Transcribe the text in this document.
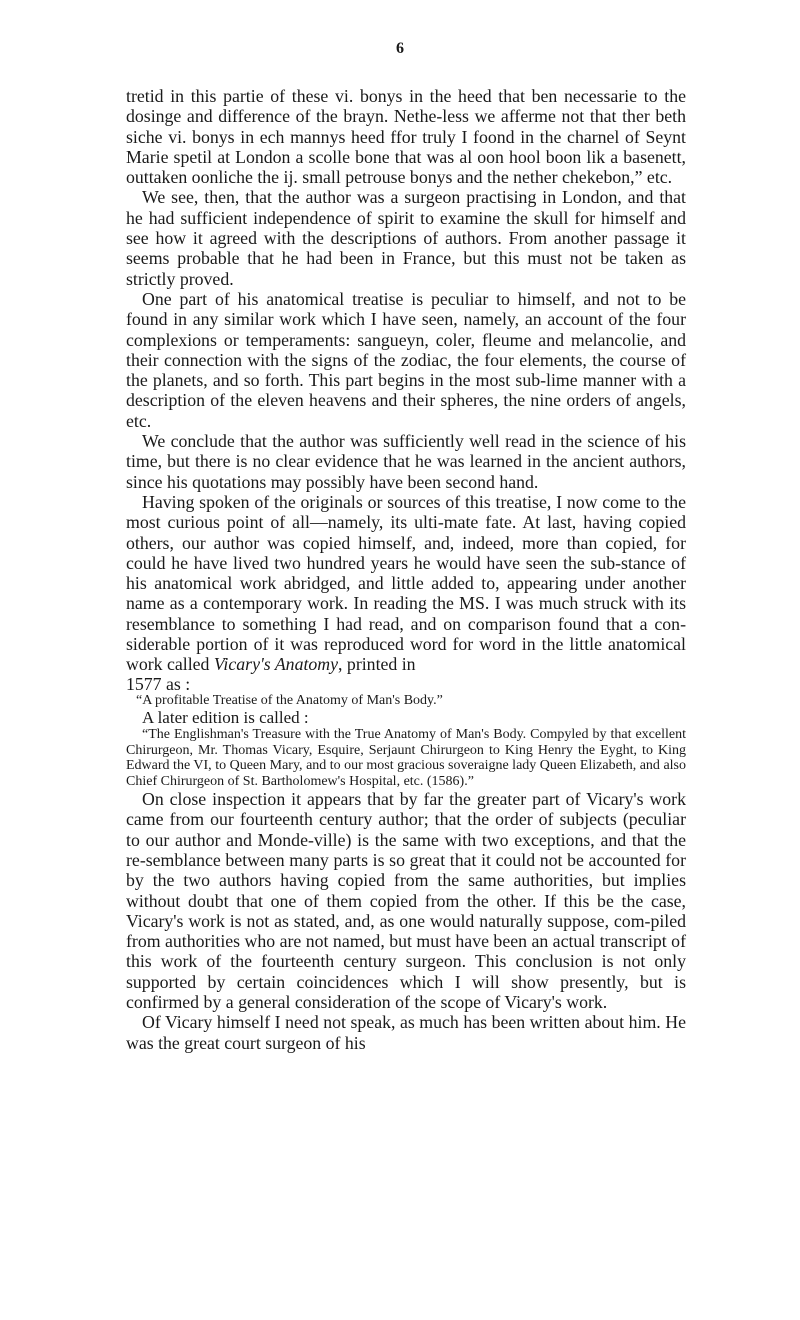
6

tretid in this partie of these vi. bonys in the heed that ben necessarie to the dosinge and difference of the brayn. Nethe-less we afferme not that ther beth siche vi. bonys in ech mannys heed ffor truly I foond in the charnel of Seynt Marie spetil at London a scolle bone that was al oon hool boon lik a basenett, outtaken oonliche the ij. small petrouse bonys and the nether chekebon,” etc.

We see, then, that the author was a surgeon practising in London, and that he had sufficient independence of spirit to examine the skull for himself and see how it agreed with the descriptions of authors. From another passage it seems probable that he had been in France, but this must not be taken as strictly proved.

One part of his anatomical treatise is peculiar to himself, and not to be found in any similar work which I have seen, namely, an account of the four complexions or temperaments: sangueyn, coler, fleume and melancolie, and their connection with the signs of the zodiac, the four elements, the course of the planets, and so forth. This part begins in the most sub-lime manner with a description of the eleven heavens and their spheres, the nine orders of angels, etc.

We conclude that the author was sufficiently well read in the science of his time, but there is no clear evidence that he was learned in the ancient authors, since his quotations may possibly have been second hand.

Having spoken of the originals or sources of this treatise, I now come to the most curious point of all—namely, its ulti-mate fate. At last, having copied others, our author was copied himself, and, indeed, more than copied, for could he have lived two hundred years he would have seen the sub-stance of his anatomical work abridged, and little added to, appearing under another name as a contemporary work. In reading the MS. I was much struck with its resemblance to something I had read, and on comparison found that a con-siderable portion of it was reproduced word for word in the little anatomical work called Vicary's Anatomy, printed in

1577 as :
“A profitable Treatise of the Anatomy of Man's Body.”
A later edition is called :
“The Englishman's Treasure with the True Anatomy of Man's Body. Compyled by that excellent Chirurgeon, Mr. Thomas Vicary, Esquire, Serjaunt Chirurgeon to King Henry the Eyght, to King Edward the VI, to Queen Mary, and to our most gracious soveraigne lady Queen Elizabeth, and also Chief Chirurgeon of St. Bartholomew's Hospital, etc. (1586).”

On close inspection it appears that by far the greater part of Vicary's work came from our fourteenth century author; that the order of subjects (peculiar to our author and Monde-ville) is the same with two exceptions, and that the re-semblance between many parts is so great that it could not be accounted for by the two authors having copied from the same authorities, but implies without doubt that one of them copied from the other. If this be the case, Vicary's work is not as stated, and, as one would naturally suppose, com-piled from authorities who are not named, but must have been an actual transcript of this work of the fourteenth century surgeon. This conclusion is not only supported by certain coincidences which I will show presently, but is confirmed by a general consideration of the scope of Vicary's work.

Of Vicary himself I need not speak, as much has been written about him. He was the great court surgeon of his
